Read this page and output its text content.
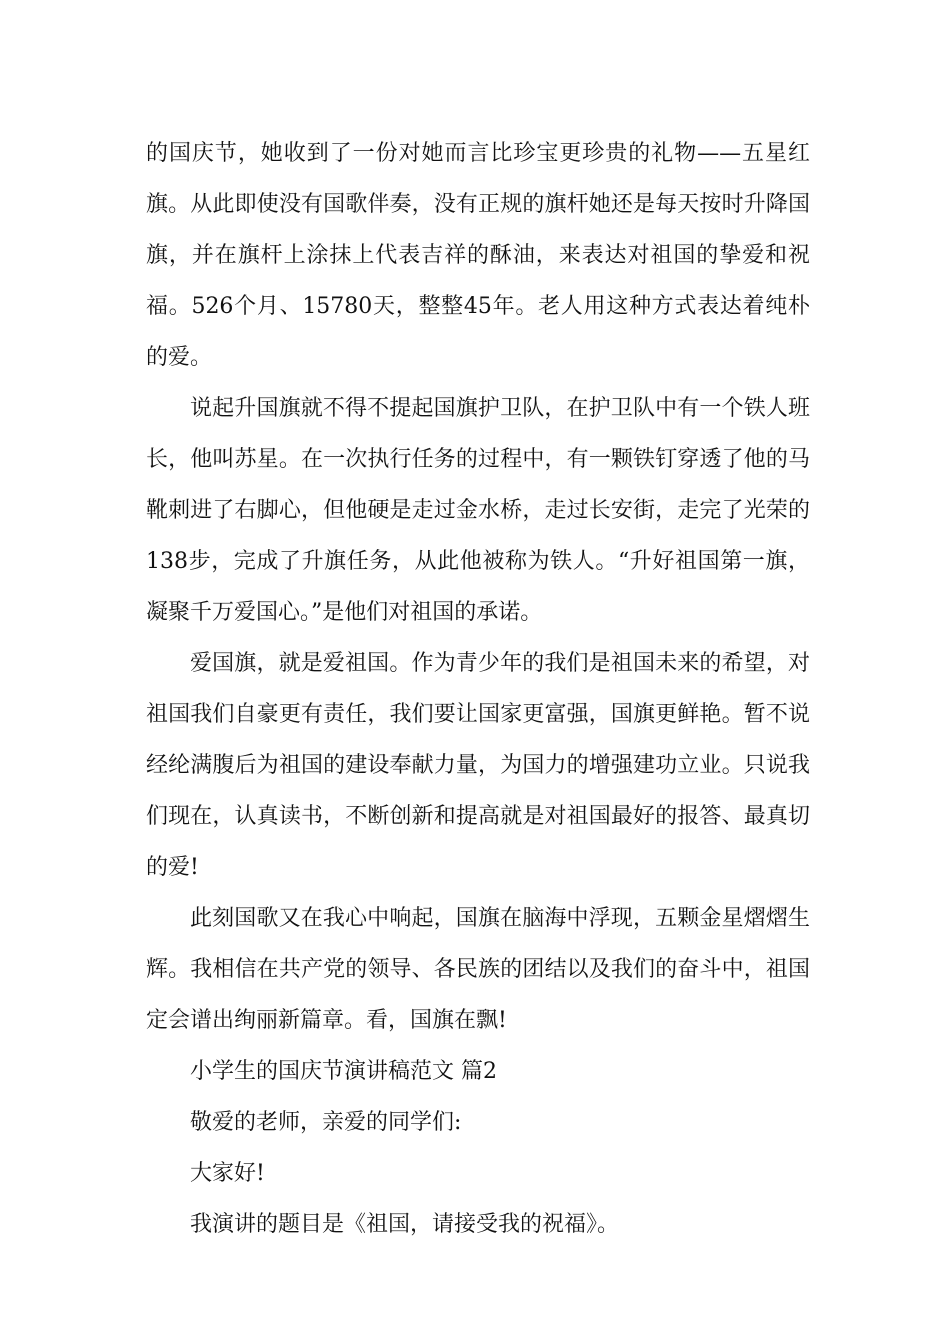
的国庆节，她收到了一份对她而言比珍宝更珍贵的礼物——五星红旗。从此即使没有国歌伴奏，没有正规的旗杆她还是每天按时升降国旗，并在旗杆上涂抹上代表吉祥的酥油，来表达对祖国的挚爱和祝福。526个月、15780天，整整45年。老人用这种方式表达着纯朴的爱。

说起升国旗就不得不提起国旗护卫队，在护卫队中有一个铁人班长，他叫苏星。在一次执行任务的过程中，有一颗铁钉穿透了他的马靴刺进了右脚心，但他硬是走过金水桥，走过长安街，走完了光荣的138步，完成了升旗任务，从此他被称为铁人。“升好祖国第一旗，凝聚千万爱国心。”是他们对祖国的承诺。

爱国旗，就是爱祖国。作为青少年的我们是祖国未来的希望，对祖国我们自豪更有责任，我们要让国家更富强，国旗更鲜艳。暂不说经纶满腹后为祖国的建设奉献力量，为国力的增强建功立业。只说我们现在，认真读书，不断创新和提高就是对祖国最好的报答、最真切的爱!

此刻国歌又在我心中响起，国旗在脑海中浮现，五颗金星熠熠生辉。我相信在共产党的领导、各民族的团结以及我们的奋斗中，祖国定会谱出绚丽新篇章。看，国旗在飘!

小学生的国庆节演讲稿范文 篇2

敬爱的老师，亲爱的同学们:

大家好!

我演讲的题目是《祖国，请接受我的祝福》。
